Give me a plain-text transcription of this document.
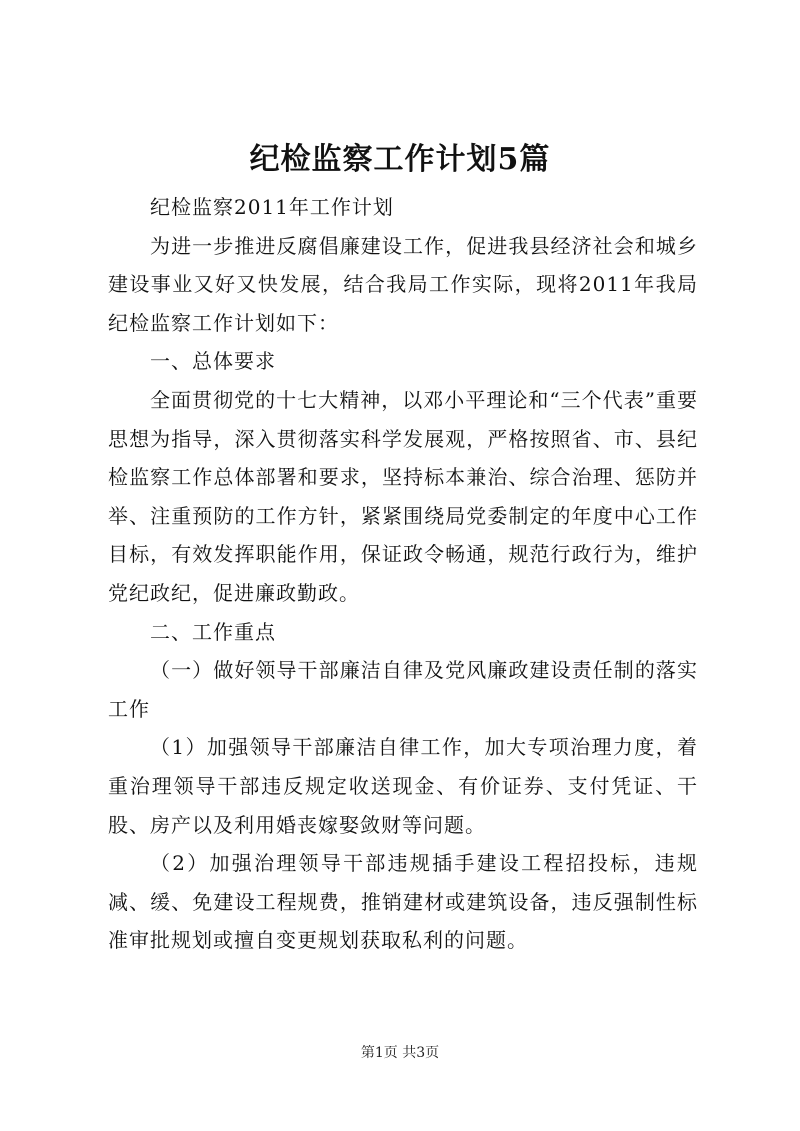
纪检监察工作计划5篇

纪检监察2011年工作计划

为进一步推进反腐倡廉建设工作，促进我县经济社会和城乡建设事业又好又快发展，结合我局工作实际，现将2011年我局纪检监察工作计划如下：

一、总体要求

全面贯彻党的十七大精神，以邓小平理论和“三个代表”重要思想为指导，深入贯彻落实科学发展观，严格按照省、市、县纪检监察工作总体部署和要求，坚持标本兼治、综合治理、惩防并举、注重预防的工作方针，紧紧围绕局党委制定的年度中心工作目标，有效发挥职能作用，保证政令畅通，规范行政行为，维护党纪政纪，促进廉政勤政。

二、工作重点

（一）做好领导干部廉洁自律及党风廉政建设责任制的落实工作

（1）加强领导干部廉洁自律工作，加大专项治理力度，着重治理领导干部违反规定收送现金、有价证券、支付凭证、干股、房产以及利用婚丧嫁娶敛财等问题。

（2）加强治理领导干部违规插手建设工程招投标，违规减、缓、免建设工程规费，推销建材或建筑设备，违反强制性标准审批规划或擅自变更规划获取私利的问题。

第1页 共3页
